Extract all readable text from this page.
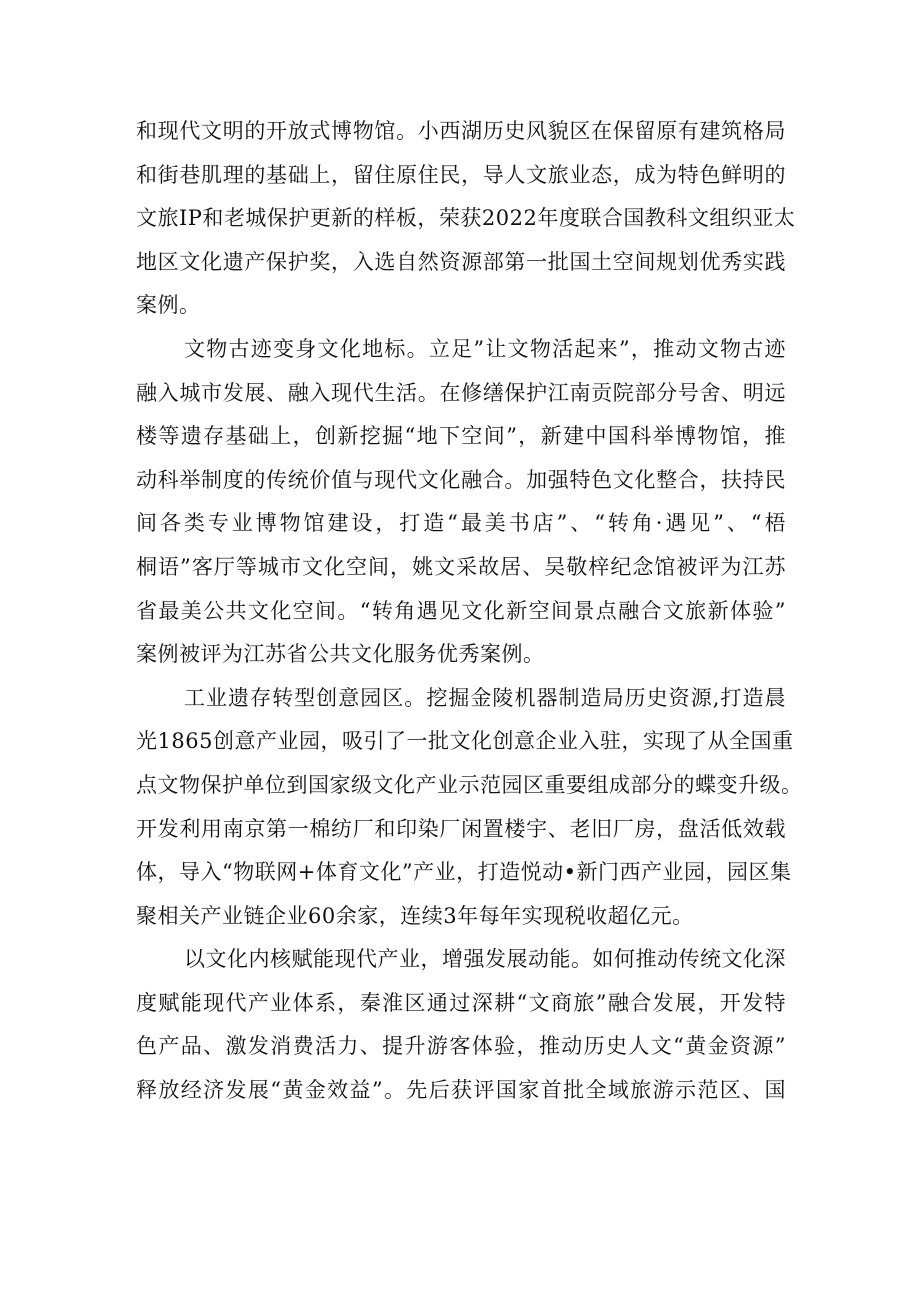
和现代文明的开放式博物馆。小西湖历史风貌区在保留原有建筑格局
和街巷肌理的基础上，留住原住民，导人文旅业态，成为特色鲜明的
文旅IP和老城保护更新的样板，荣获2022年度联合国教科文组织亚太
地区文化遗产保护奖，入选自然资源部第一批国土空间规划优秀实践
案例。
文物古迹变身文化地标。立足”让文物活起来”，推动文物古迹
融入城市发展、融入现代生活。在修缮保护江南贡院部分号舍、明远
楼等遗存基础上，创新挖掘“地下空间”，新建中国科举博物馆，推
动科举制度的传统价值与现代文化融合。加强特色文化整合，扶持民
间各类专业博物馆建设，打造“最美书店”、“转角·遇见”、“梧
桐语”客厅等城市文化空间，姚文采故居、吴敬梓纪念馆被评为江苏
省最美公共文化空间。“转角遇见文化新空间景点融合文旅新体验”
案例被评为江苏省公共文化服务优秀案例。
工业遗存转型创意园区。挖掘金陵机器制造局历史资源,打造晨
光1865创意产业园，吸引了一批文化创意企业入驻，实现了从全国重
点文物保护单位到国家级文化产业示范园区重要组成部分的蝶变升级。
开发利用南京第一棉纺厂和印染厂闲置楼宇、老旧厂房，盘活低效载
体，导入“物联网+体育文化”产业，打造悦动•新门西产业园，园区集
聚相关产业链企业60余家，连续3年每年实现税收超亿元。
以文化内核赋能现代产业，增强发展动能。如何推动传统文化深
度赋能现代产业体系，秦淮区通过深耕“文商旅”融合发展，开发特
色产品、激发消费活力、提升游客体验，推动历史人文“黄金资源”
释放经济发展“黄金效益”。先后获评国家首批全域旅游示范区、国
